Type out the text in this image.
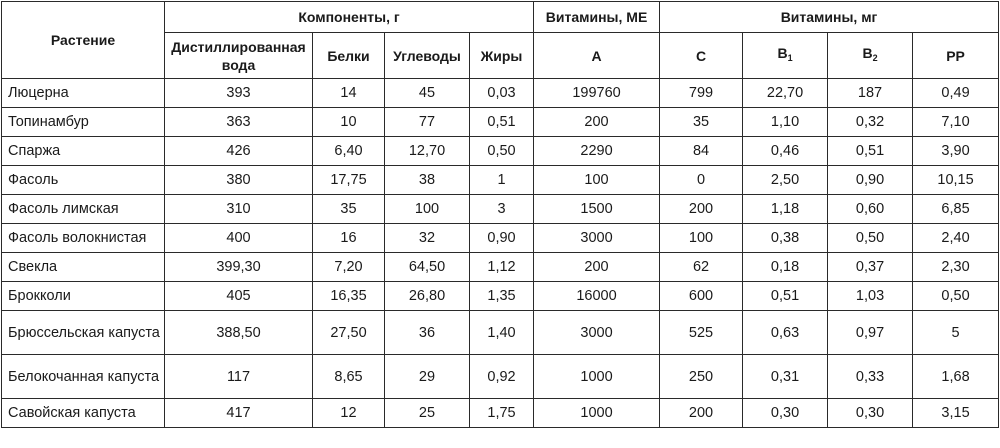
Растение	Компоненты, г				Витамины, МЕ	Витамины, мг			
	Дистиллированная вода	Белки	Углеводы	Жиры	А	С	$В_1$	$В_2$	РР
Люцерна	393	14	45	0,03	199760	799	22,70	187	0,49
Топинамбур	363	10	77	0,51	200	35	1,10	0,32	7,10
Спаржа	426	6,40	12,70	0,50	2290	84	0,46	0,51	3,90
Фасоль	380	17,75	38	1	100	0	2,50	0,90	10,15
Фасоль лимская	310	35	100	3	1500	200	1,18	0,60	6,85
Фасоль волокнистая	400	16	32	0,90	3000	100	0,38	0,50	2,40
Свекла	399,30	7,20	64,50	1,12	200	62	0,18	0,37	2,30
Брокколи	405	16,35	26,80	1,35	16000	600	0,51	1,03	0,50
Брюссельская капуста	388,50	27,50	36	1,40	3000	525	0,63	0,97	5
Белокочанная капуста	117	8,65	29	0,92	1000	250	0,31	0,33	1,68
Савойская капуста	417	12	25	1,75	1000	200	0,30	0,30	3,15
